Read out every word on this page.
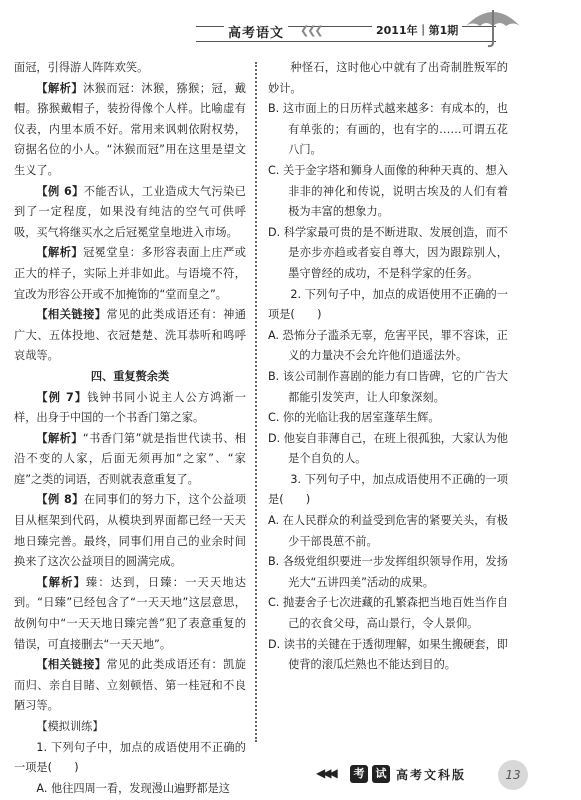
高考语文	❮❮❮	2011年｜第1期

面冠，引得游人阵阵欢笑。

【解析】沐猴而冠：沐猴，猕猴；冠，戴帽。猕猴戴帽子，装扮得像个人样。比喻虚有仪表，内里本质不好。常用来讽刺依附权势，窃据名位的小人。“沐猴而冠”用在这里是望文生义了。

【例 6】不能否认，工业造成大气污染已到了一定程度，如果没有纯洁的空气可供呼吸，买气将继买水之后冠冕堂皇地进入市场。

【解析】冠冕堂皇：多形容表面上庄严或正大的样子，实际上并非如此。与语境不符，宜改为形容公开或不加掩饰的“堂而皇之”。

【相关链接】常见的此类成语还有：神通广大、五体投地、衣冠楚楚、洗耳恭听和鸣呼哀哉等。

四、重复赘余类

【例 7】钱钟书同小说主人公方鸿渐一样，出身于中国的一个书香门第之家。

【解析】“书香门第”就是指世代读书、相沿不变的人家，后面无须再加“之家”、“家庭”之类的词语，否则就表意重复了。

【例 8】在同事们的努力下，这个公益项目从框架到代码，从模块到界面都已经一天天地日臻完善。最终，同事们用自己的业余时间换来了这次公益项目的圆满完成。

【解析】臻：达到，日臻：一天天地达到。“日臻”已经包含了“一天天地”这层意思，故例句中“一天天地日臻完善”犯了表意重复的错误，可直接删去“一天天地”。

【相关链接】常见的此类成语还有：凯旋而归、亲自目睹、立刻顿悟、第一桂冠和不良陋习等。

【模拟训练】

1. 下列句子中，加点的成语使用不正确的一项是(　　)

A. 他往四周一看，发现漫山遍野都是这

种怪石，这时他心中就有了出奇制胜叛军的妙计。

B. 这市面上的日历样式越来越多：有成本的，也有单张的；有画的，也有字的……可谓五花八门。

C. 关于金字塔和狮身人面像的种种天真的、想入非非的神化和传说，说明古埃及的人们有着极为丰富的想象力。

D. 科学家最可贵的是不断进取、发展创造，而不是亦步亦趋或者妄自尊大，因为跟踪别人，墨守曾经的成功，不是科学家的任务。

2. 下列句子中，加点的成语使用不正确的一项是(　　)

A. 恐怖分子滥杀无辜，危害平民，罪不容诛，正义的力量决不会允许他们逍遥法外。

B. 该公司制作喜剧的能力有口皆碑，它的广告大都能引发笑声，让人印象深刻。

C. 你的光临让我的居室蓬荜生辉。

D. 他妄自菲薄自己，在班上很孤独，大家认为他是个自负的人。

3. 下列句子中，加点成语使用不正确的一项是(　　)

A. 在人民群众的利益受到危害的紧要关头，有极少干部畏葸不前。

B. 各级党组织要进一步发挥组织领导作用，发扬光大“五讲四美”活动的成果。

C. 抛妻舍子七次进藏的孔繁森把当地百姓当作自己的衣食父母，高山景行，令人景仰。

D. 读书的关键在于透彻理解，如果生搬硬套，即使背的滚瓜烂熟也不能达到目的。

◀◀◀	考	试 高考文科版	13
